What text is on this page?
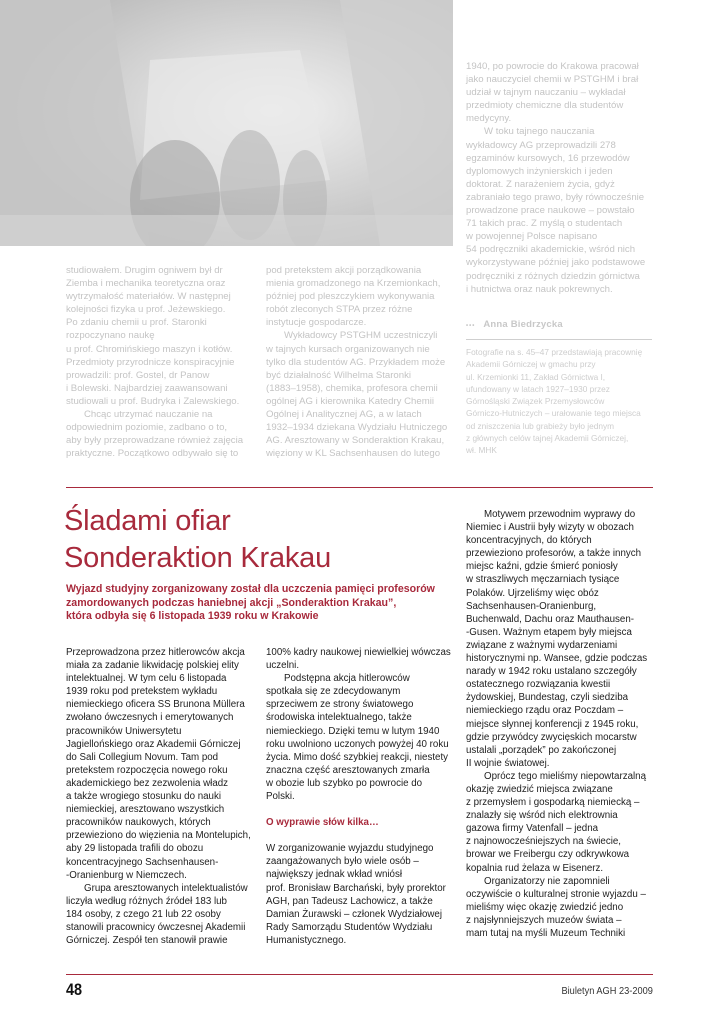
studiowałem. Drugim ogniwem był dr
Ziemba i mechanika teoretyczna oraz
wytrzymałość materiałów. W następnej
kolejności fizyka u prof. Jeżewskiego.
Po zdaniu chemii u prof. Staronki
rozpoczynano naukę
u prof. Chromińskiego maszyn i kotłów.
Przedmioty przyrodnicze konspiracyjnie
prowadzili: prof. Gostel, dr Panow
i Bolewski. Najbardziej zaawansowani
studiowali u prof. Budryka i Zalewskiego.

Chcąc utrzymać nauczanie na
odpowiednim poziomie, zadbano o to,
aby były przeprowadzane również zajęcia
praktyczne. Początkowo odbywało się to

pod pretekstem akcji porządkowania
mienia gromadzonego na Krzemionkach,
później pod pleszczykiem wykonywania
robót zleconych STPA przez różne
instytucje gospodarcze.

Wykładowcy PSTGHM uczestniczyli
w tajnych kursach organizowanych nie
tylko dla studentów AG. Przykładem może
być działalność Wilhelma Staronki
(1883–1958), chemika, profesora chemii
ogólnej AG i kierownika Katedry Chemii
Ogólnej i Analitycznej AG, a w latach
1932–1934 dziekana Wydziału Hutniczego
AG. Aresztowany w Sonderaktion Krakau,
więziony w KL Sachsenhausen do lutego

1940, po powrocie do Krakowa pracował
jako nauczyciel chemii w PSTGHM i brał
udział w tajnym nauczaniu – wykładał
przedmioty chemiczne dla studentów
medycyny.

W toku tajnego nauczania
wykładowcy AG przeprowadzili 278
egzaminów kursowych, 16 przewodów
dyplomowych inżynierskich i jeden
doktorat. Z narażeniem życia, gdyż
zabraniało tego prawo, były równocześnie
prowadzone prace naukowe – powstało
71 takich prac. Z myślą o studentach
w powojennej Polsce napisano
54 podręczniki akademickie, wśród nich
wykorzystywane później jako podstawowe
podręczniki z różnych dziedzin górnictwa
i hutnictwa oraz nauk pokrewnych.

••• Anna Biedrzycka
Fotografie na s. 45–47 przedstawiają pracownię
Akademii Górniczej w gmachu przy
ul. Krzemionki 11, Zakład Górnictwa I,
ufundowany w latach 1927–1930 przez
Górnośląski Związek Przemysłowców
Górniczo-Hutniczych – urałowanie tego miejsca
od zniszczenia lub grabieży było jednym
z głównych celów tajnej Akademii Górniczej,
wł. MHK
Śladami ofiar
Sonderaktion Krakau
Wyjazd studyjny zorganizowany został dla uczczenia pamięci profesorów
zamordowanych podczas haniebnej akcji „Sonderaktion Krakau”,
która odbyła się 6 listopada 1939 roku w Krakowie

Przeprowadzona przez hitlerowców akcja
miała za zadanie likwidację polskiej elity
intelektualnej. W tym celu 6 listopada
1939 roku pod pretekstem wykładu
niemieckiego oficera SS Brunona Müllera
zwołano ówczesnych i emerytowanych
pracowników Uniwersytetu
Jagiellońskiego oraz Akademii Górniczej
do Sali Collegium Novum. Tam pod
pretekstem rozpoczęcia nowego roku
akademickiego bez zezwolenia władz
a także wrogiego stosunku do nauki
niemieckiej, aresztowano wszystkich
pracowników naukowych, których
przewieziono do więzienia na Montelupich,
aby 29 listopada trafili do obozu
koncentracyjnego Sachsenhausen-
-Oranienburg w Niemczech.

Grupa aresztowanych intelektualistów
liczyła według różnych źródeł 183 lub
184 osoby, z czego 21 lub 22 osoby
stanowili pracownicy ówczesnej Akademii
Górniczej. Zespół ten stanowił prawie

100% kadry naukowej niewielkiej wówczas
uczelni.

Podstępna akcja hitlerowców
spotkała się ze zdecydowanym
sprzeciwem ze strony światowego
środowiska intelektualnego, także
niemieckiego. Dzięki temu w lutym 1940
roku uwolniono uczonych powyżej 40 roku
życia. Mimo dość szybkiej reakcji, niestety
znaczna część aresztowanych zmarła
w obozie lub szybko po powrocie do
Polski.

O wyprawie słów kilka…

W zorganizowanie wyjazdu studyjnego
zaangażowanych było wiele osób –
największy jednak wkład wniósł
prof. Bronisław Barchański, były prorektor
AGH, pan Tadeusz Lachowicz, a także
Damian Żurawski – członek Wydziałowej
Rady Samorządu Studentów Wydziału
Humanistycznego.

Motywem przewodnim wyprawy do
Niemiec i Austrii były wizyty w obozach
koncentracyjnych, do których
przewieziono profesorów, a także innych
miejsc kaźni, gdzie śmierć poniosły
w straszliwych męczarniach tysiące
Polaków. Ujrzeliśmy więc obóz
Sachsenhausen-Oranienburg,
Buchenwald, Dachu oraz Mauthausen-
-Gusen. Ważnym etapem były miejsca
związane z ważnymi wydarzeniami
historycznymi np. Wansee, gdzie podczas
narady w 1942 roku ustalano szczegóły
ostatecznego rozwiązania kwestii
żydowskiej, Bundestag, czyli siedziba
niemieckiego rządu oraz Poczdam –
miejsce słynnej konferencji z 1945 roku,
gdzie przywódcy zwycięskich mocarstw
ustalali „porządek” po zakończonej
II wojnie światowej.

Oprócz tego mieliśmy niepowtarzalną
okazję zwiedzić miejsca związane
z przemysłem i gospodarką niemiecką –
znalazły się wśród nich elektrownia
gazowa firmy Vatenfall – jedna
z najnowocześniejszych na świecie,
browar we Freibergu czy odkrywkowa
kopalnia rud żelaza w Eisenerz.

Organizatorzy nie zapomnieli
oczywiście o kulturalnej stronie wyjazdu –
mieliśmy więc okazję zwiedzić jedno
z najsłynniejszych muzeów świata –
mam tutaj na myśli Muzeum Techniki

48	Biuletyn AGH 23-2009
